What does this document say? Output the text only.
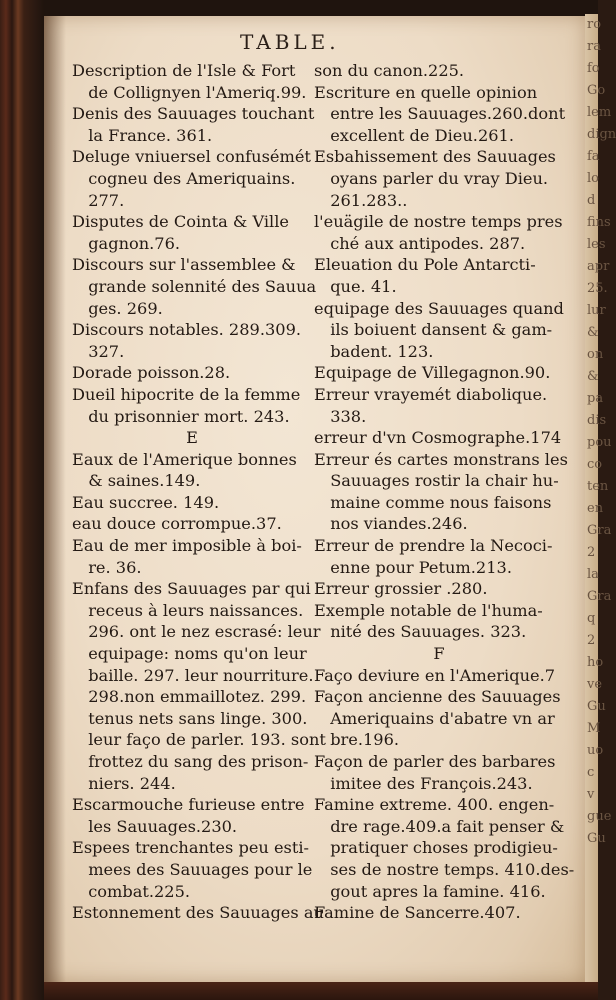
ro
ra
fo
Go
lem
dign
fa
lo
d
fins
les
apr
25.
lur
&
on
&
pa
dis
pou
co
ten
en
Gra
2
la
Gra
q
2
ho
ve
Gu
M
uo
c
v
gue
Gu
TABLE.
Description de l'Isle & Fort
 de Collignyen l'Ameriq.99.
Denis des Sauuages touchant
 la France. 361.
Deluge vniuersel confusémét
 cogneu des Ameriquains.
 277.
Disputes de Cointa & Ville
 gagnon.76.
Discours sur l'assemblee &
 grande solennité des Sauua
 ges. 269.
Discours notables. 289.309.
 327.
Dorade poisson.28.
Dueil hipocrite de la femme
 du prisonnier mort. 243.
E
Eaux de l'Amerique bonnes
 & saines.149.
Eau succree. 149.
eau douce corrompue.37.
Eau de mer imposible à boi-
 re. 36.
Enfans des Sauuages par qui
 receus à leurs naissances.
 296. ont le nez escrasé: leur
 equipage: noms qu'on leur
 baille. 297. leur nourriture.
 298.non emmaillotez. 299.
 tenus nets sans linge. 300.
 leur faço de parler. 193. sont
 frottez du sang des prison-
 niers. 244.
Escarmouche furieuse entre
 les Sauuages.230.
Espees trenchantes peu esti-
 mees des Sauuages pour le
 combat.225.
Estonnement des Sauuages au
son du canon.225.
Escriture en quelle opinion
 entre les Sauuages.260.dont
 excellent de Dieu.261.
Esbahissement des Sauuages
 oyans parler du vray Dieu.
 261.283..
l'euägile de nostre temps pres
 ché aux antipodes. 287.
Eleuation du Pole Antarcti-
 que. 41.
equipage des Sauuages quand
 ils boiuent dansent & gam-
 badent. 123.
Equipage de Villegagnon.90.
Erreur vrayemét diabolique.
 338.
erreur d'vn Cosmographe.174
Erreur és cartes monstrans les
 Sauuages rostir la chair hu-
 maine comme nous faisons
 nos viandes.246.
Erreur de prendre la Necoci-
 enne pour Petum.213.
Erreur grossier .280.
Exemple notable de l'huma-
 nité des Sauuages. 323.
F
Faço deviure en l'Amerique.7
Façon ancienne des Sauuages
 Ameriquains d'abatre vn ar
 bre.196.
Façon de parler des barbares
 imitee des François.243.
Famine extreme. 400. engen-
 dre rage.409.a fait penser &
 pratiquer choses prodigieu-
 ses de nostre temps. 410.des-
 gout apres la famine. 416.
Famine de Sancerre.407.
